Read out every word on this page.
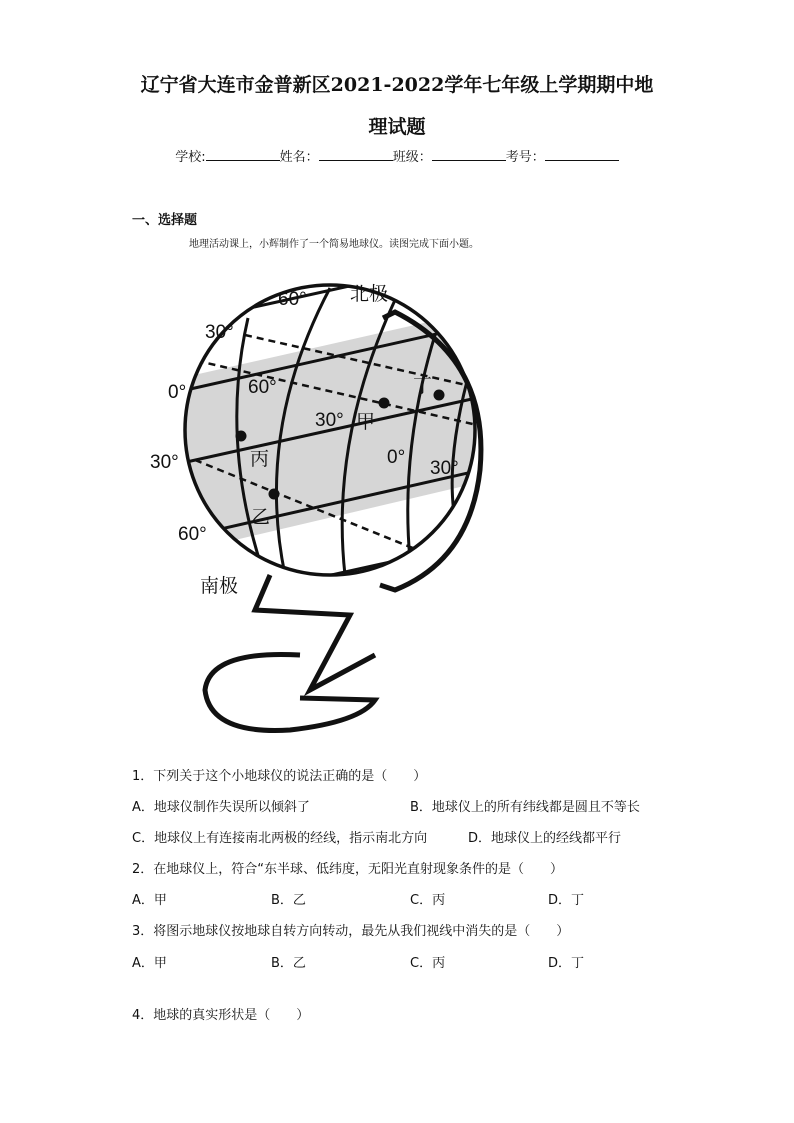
辽宁省大连市金普新区2021-2022学年七年级上学期期中地
理试题
学校:	姓名：	班级：	考号：
一、选择题
地理活动课上，小辉制作了一个简易地球仪。读图完成下面小题。
北极
南极
60°
30°
0°
30°
60°
60°
30°
0°
30°
甲
乙
丙
丁
1．下列关于这个小地球仪的说法正确的是（　　）
A．地球仪制作失误所以倾斜了	B．地球仪上的所有纬线都是圆且不等长
C．地球仪上有连接南北两极的经线，指示南北方向	D．地球仪上的经线都平行
2．在地球仪上，符合“东半球、低纬度，无阳光直射现象条件的是（　　）
A．甲	B．乙	C．丙	D．丁
3．将图示地球仪按地球自转方向转动，最先从我们视线中消失的是（　　）
A．甲	B．乙	C．丙	D．丁
4．地球的真实形状是（　　）
